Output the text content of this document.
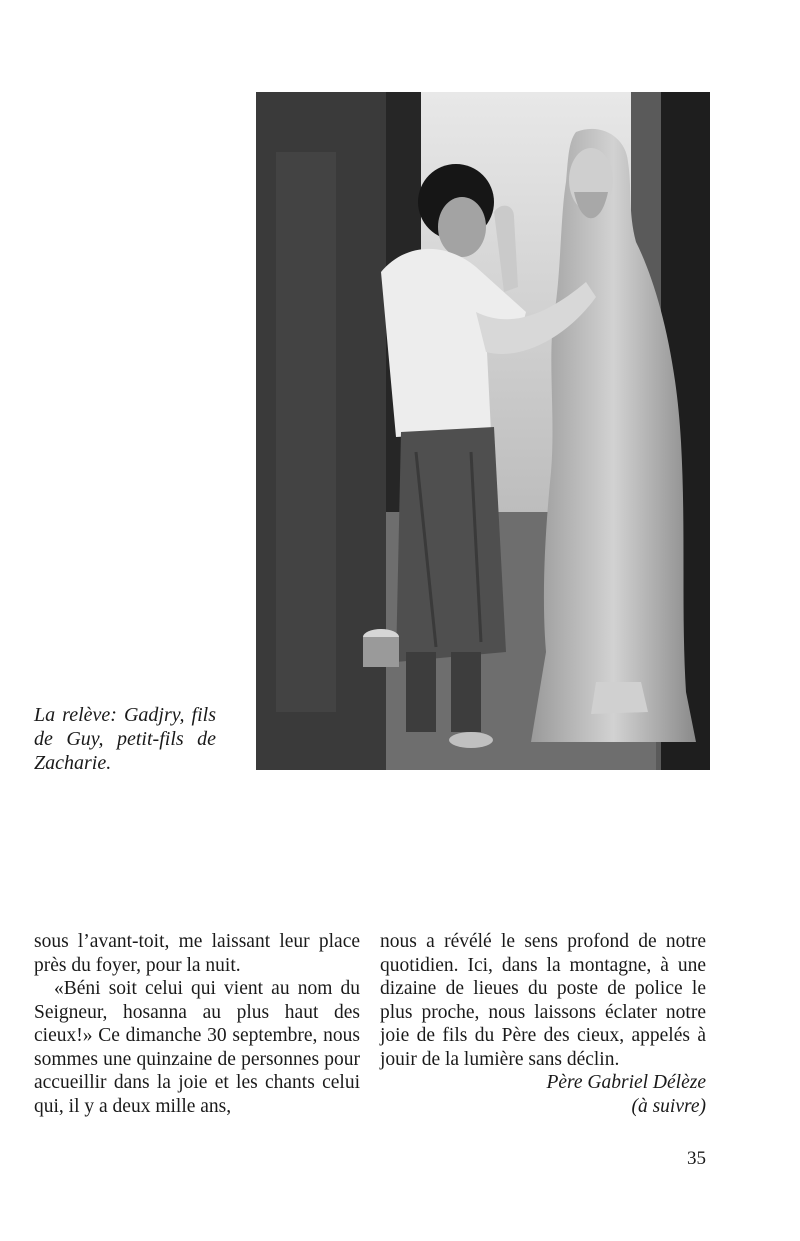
La relève: Gadjry, fils de Guy, petit-fils de Zacharie.

sous l’avant-toit, me laissant leur place près du foyer, pour la nuit.

«Béni soit celui qui vient au nom du Seigneur, hosanna au plus haut des cieux!» Ce dimanche 30 septembre, nous sommes une quinzaine de personnes pour accueillir dans la joie et les chants celui qui, il y a deux mille ans,

nous a révélé le sens profond de notre quotidien. Ici, dans la montagne, à une dizaine de lieues du poste de police le plus proche, nous laissons éclater notre joie de fils du Père des cieux, appelés à jouir de la lumière sans déclin.

Père Gabriel Délèze

(à suivre)

35
